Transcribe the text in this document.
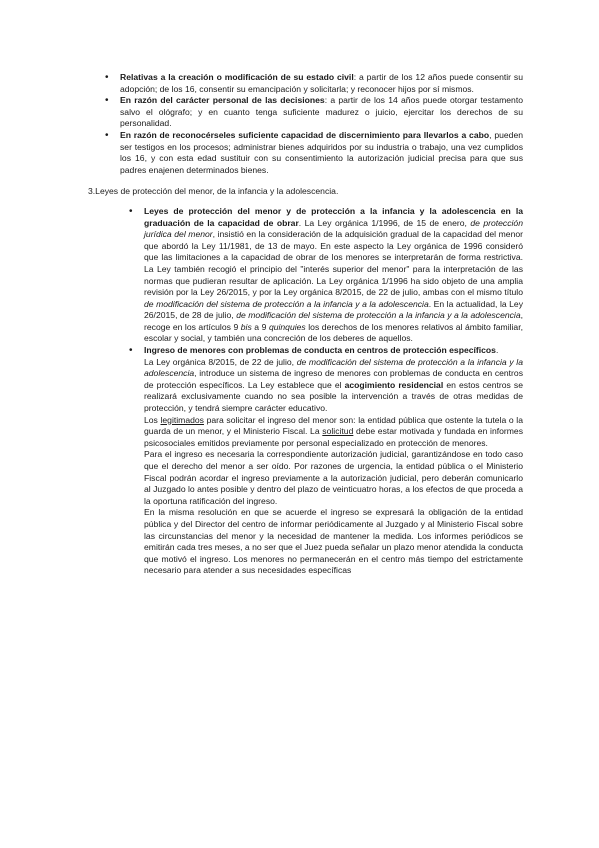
• Relativas a la creación o modificación de su estado civil: a partir de los 12 años puede consentir su adopción; de los 16, consentir su emancipación y solicitarla; y reconocer hijos por sí mismos.
• En razón del carácter personal de las decisiones: a partir de los 14 años puede otorgar testamento salvo el ológrafo; y en cuanto tenga suficiente madurez o juicio, ejercitar los derechos de su personalidad.
• En razón de reconocérseles suficiente capacidad de discernimiento para llevarlos a cabo, pueden ser testigos en los procesos; administrar bienes adquiridos por su industria o trabajo, una vez cumplidos los 16, y con esta edad sustituir con su consentimiento la autorización judicial precisa para que sus padres enajenen determinados bienes.

3.Leyes de protección del menor, de la infancia y la adolescencia.

• Leyes de protección del menor y de protección a la infancia y la adolescencia en la graduación de la capacidad de obrar. La Ley orgánica 1/1996, de 15 de enero, de protección jurídica del menor, insistió en la consideración de la adquisición gradual de la capacidad del menor que abordó la Ley 11/1981, de 13 de mayo. En este aspecto la Ley orgánica de 1996 consideró que las limitaciones a la capacidad de obrar de los menores se interpretarán de forma restrictiva. La Ley también recogió el principio del "interés superior del menor" para la interpretación de las normas que pudieran resultar de aplicación. La Ley orgánica 1/1996 ha sido objeto de una amplia revisión por la Ley 26/2015, y por la Ley orgánica 8/2015, de 22 de julio, ambas con el mismo título de modificación del sistema de protección a la infancia y a la adolescencia. En la actualidad, la Ley 26/2015, de 28 de julio, de modificación del sistema de protección a la infancia y a la adolescencia, recoge en los artículos 9 bis a 9 quinquies los derechos de los menores relativos al ámbito familiar, escolar y social, y también una concreción de los deberes de aquellos.

• Ingreso de menores con problemas de conducta en centros de protección específicos.

La Ley orgánica 8/2015, de 22 de julio, de modificación del sistema de protección a la infancia y la adolescencia, introduce un sistema de ingreso de menores con problemas de conducta en centros de protección específicos. La Ley establece que el acogimiento residencial en estos centros se realizará exclusivamente cuando no sea posible la intervención a través de otras medidas de protección, y tendrá siempre carácter educativo.

Los legitimados para solicitar el ingreso del menor son: la entidad pública que ostente la tutela o la guarda de un menor, y el Ministerio Fiscal. La solicitud debe estar motivada y fundada en informes psicosociales emitidos previamente por personal especializado en protección de menores.

Para el ingreso es necesaria la correspondiente autorización judicial, garantizándose en todo caso que el derecho del menor a ser oído. Por razones de urgencia, la entidad pública o el Ministerio Fiscal podrán acordar el ingreso previamente a la autorización judicial, pero deberán comunicarlo al Juzgado lo antes posible y dentro del plazo de veinticuatro horas, a los efectos de que proceda a la oportuna ratificación del ingreso.

En la misma resolución en que se acuerde el ingreso se expresará la obligación de la entidad pública y del Director del centro de informar periódicamente al Juzgado y al Ministerio Fiscal sobre las circunstancias del menor y la necesidad de mantener la medida. Los informes periódicos se emitirán cada tres meses, a no ser que el Juez pueda señalar un plazo menor atendida la conducta que motivó el ingreso. Los menores no permanecerán en el centro más tiempo del estrictamente necesario para atender a sus necesidades específicas
